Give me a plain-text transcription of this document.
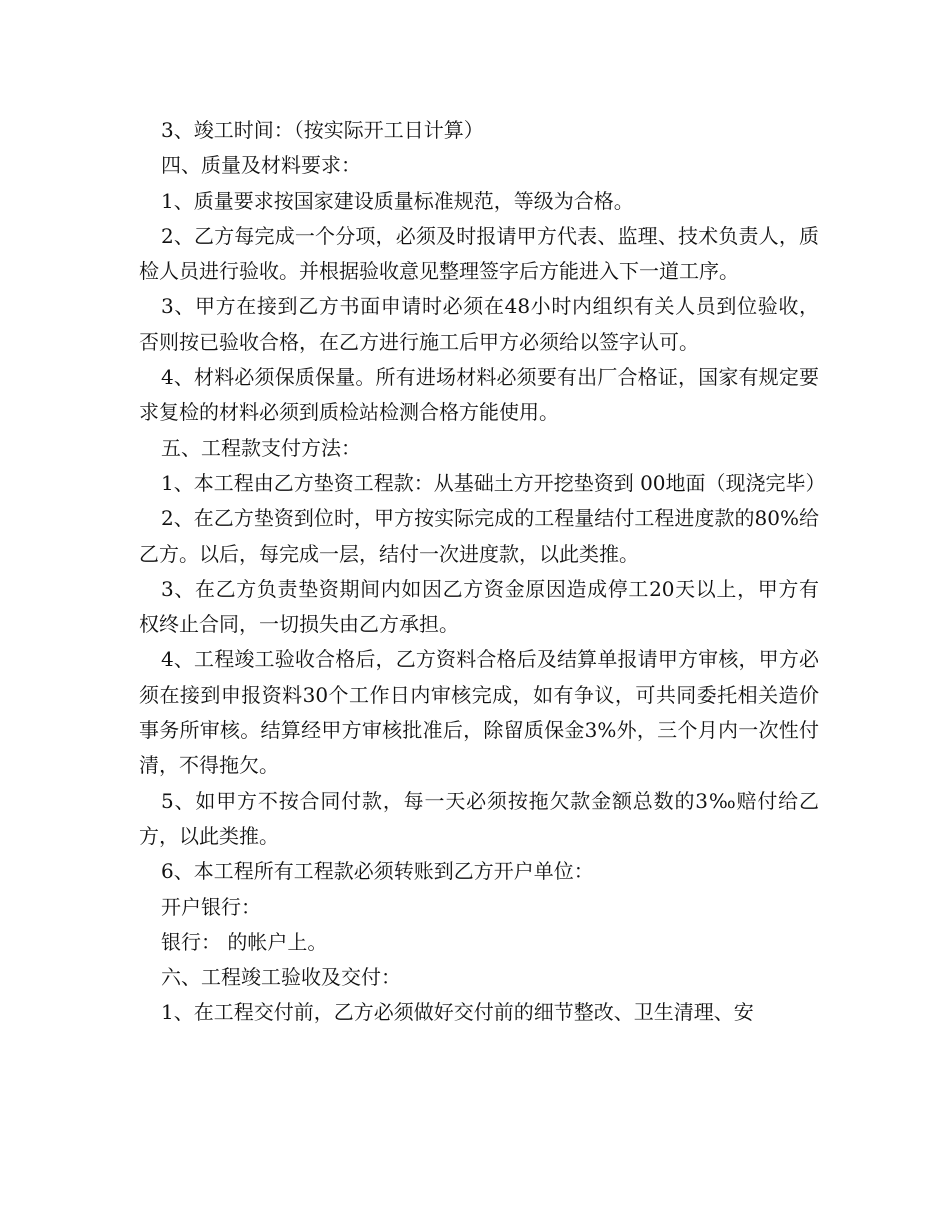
3、竣工时间：（按实际开工日计算）

四、质量及材料要求：

1、质量要求按国家建设质量标准规范，等级为合格。

2、乙方每完成一个分项，必须及时报请甲方代表、监理、技术负责人，质检人员进行验收。并根据验收意见整理签字后方能进入下一道工序。

3、甲方在接到乙方书面申请时必须在48小时内组织有关人员到位验收，否则按已验收合格，在乙方进行施工后甲方必须给以签字认可。

4、材料必须保质保量。所有进场材料必须要有出厂合格证，国家有规定要求复检的材料必须到质检站检测合格方能使用。

五、工程款支付方法：

1、本工程由乙方垫资工程款：从基础土方开挖垫资到 00地面（现浇完毕）

2、在乙方垫资到位时，甲方按实际完成的工程量结付工程进度款的80%给乙方。以后，每完成一层，结付一次进度款，以此类推。

3、在乙方负责垫资期间内如因乙方资金原因造成停工20天以上，甲方有权终止合同，一切损失由乙方承担。

4、工程竣工验收合格后，乙方资料合格后及结算单报请甲方审核，甲方必须在接到申报资料30个工作日内审核完成，如有争议，可共同委托相关造价事务所审核。结算经甲方审核批准后，除留质保金3%外，三个月内一次性付清，不得拖欠。

5、如甲方不按合同付款，每一天必须按拖欠款金额总数的3‰赔付给乙方，以此类推。

6、本工程所有工程款必须转账到乙方开户单位：

开户银行：

银行： 的帐户上。

六、工程竣工验收及交付：

1、在工程交付前，乙方必须做好交付前的细节整改、卫生清理、安
